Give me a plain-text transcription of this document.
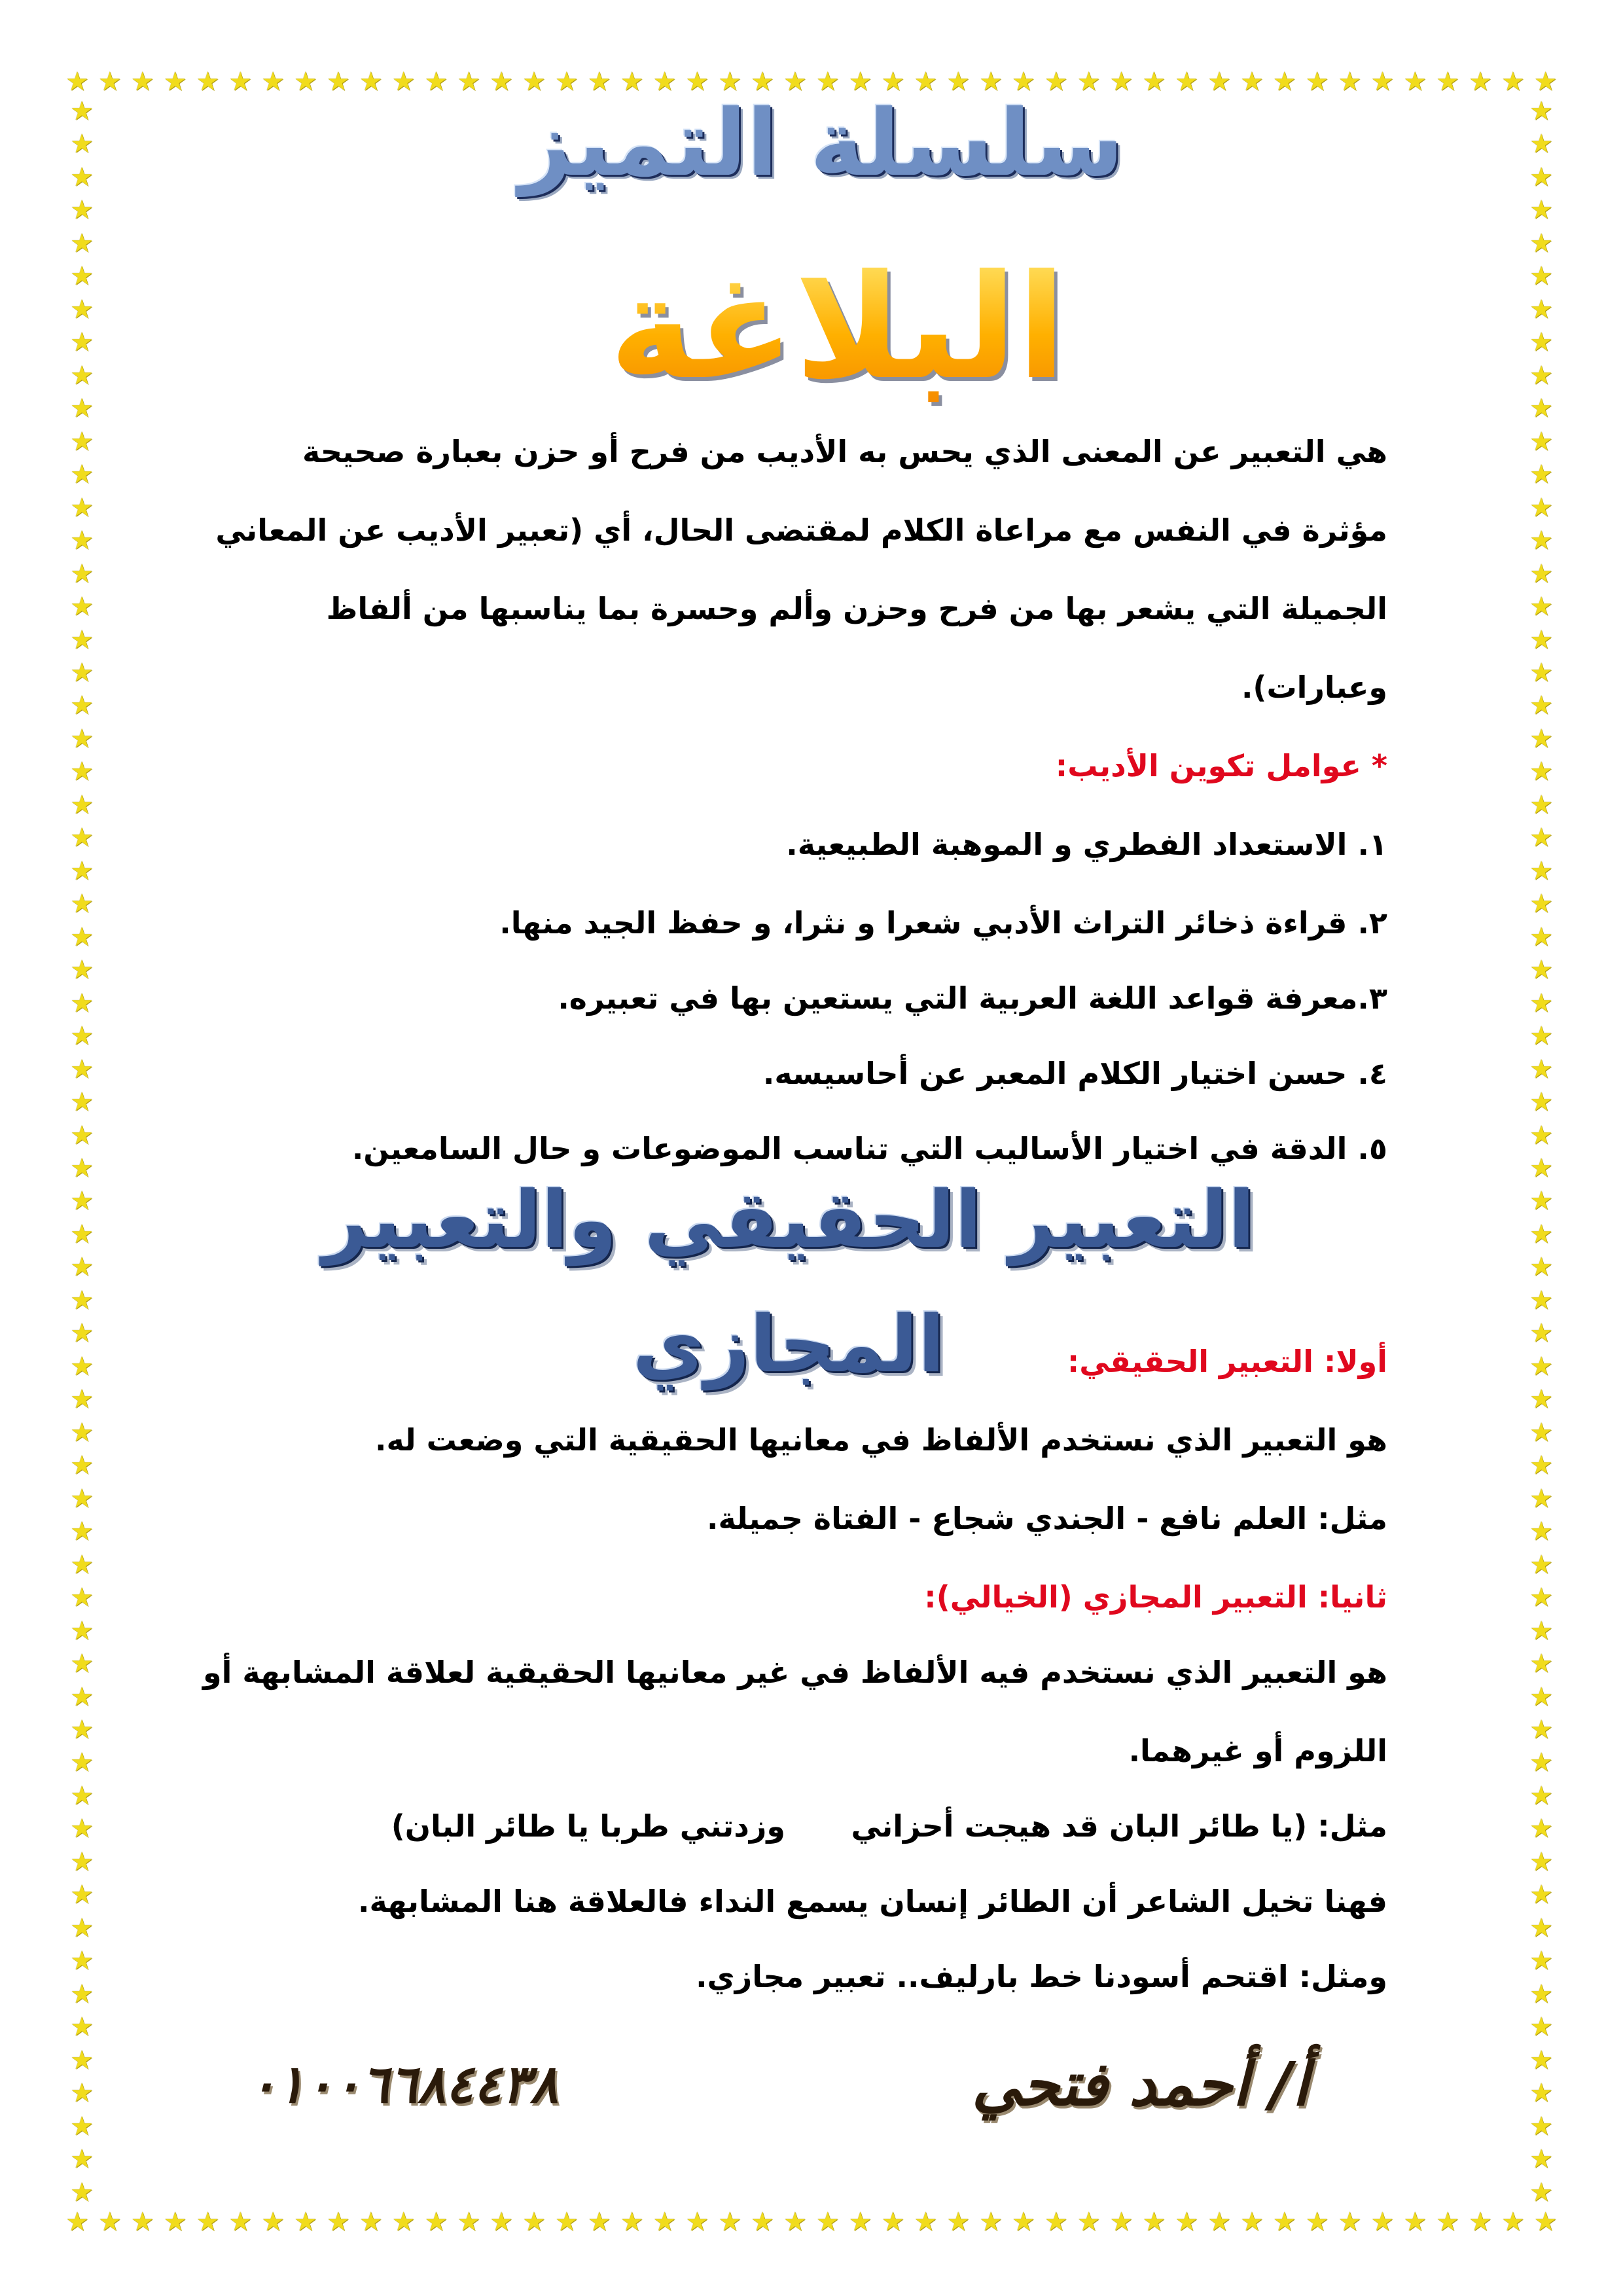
★ ★ ★ ★ ★ ★ ★ ★ ★ ★ ★ ★ ★ ★ ★ ★ ★ ★ ★ ★ ★ ★ ★ ★ ★ ★ ★ ★ ★ ★ ★ ★ ★ ★ ★ ★ ★ ★ ★ ★ ★ ★ ★ ★ ★ ★
★ ★ ★ ★ ★ ★ ★ ★ ★ ★ ★ ★ ★ ★ ★ ★ ★ ★ ★ ★ ★ ★ ★ ★ ★ ★ ★ ★ ★ ★ ★ ★ ★ ★ ★ ★ ★ ★ ★ ★ ★ ★ ★ ★ ★ ★
★
★
★
★
★
★
★
★
★
★
★
★
★
★
★
★
★
★
★
★
★
★
★
★
★
★
★
★
★
★
★
★
★
★
★
★
★
★
★
★
★
★
★
★
★
★
★
★
★
★
★
★
★
★
★
★
★
★
★
★
★
★
★
★
★
★
★
★
★
★
★
★
★
★
★
★
★
★
★
★
★
★
★
★
★
★
★
★
★
★
★
★
★
★
★
★
★
★
★
★
★
★
★
★
★
★
★
★
★
★
★
★
★
★
★
★
★
★
★
★
★
★
★
★
★
★
★
★
سلسلة التميز
البلاغة
هي التعبير عن المعنى الذي يحس به الأديب من فرح أو حزن بعبارة صحيحة
مؤثرة في النفس مع مراعاة الكلام لمقتضى الحال، أي (تعبير الأديب عن المعاني
الجميلة التي يشعر بها من فرح وحزن وألم وحسرة بما يناسبها من ألفاظ
وعبارات).
* عوامل تكوين الأديب:
١. الاستعداد الفطري و الموهبة الطبيعية.
٢. قراءة ذخائر التراث الأدبي شعرا و نثرا، و حفظ الجيد منها.
٣.معرفة قواعد اللغة العربية التي يستعين بها في تعبيره.
٤. حسن اختيار الكلام المعبر عن أحاسيسه.
٥. الدقة في اختيار الأساليب التي تناسب الموضوعات و حال السامعين.
التعبير الحقيقي والتعبير المجازي	أولا: التعبير الحقيقي:
هو التعبير الذي نستخدم الألفاظ في معانيها الحقيقية التي وضعت له.
مثل: العلم نافع - الجندي شجاع - الفتاة جميلة.
ثانيا: التعبير المجازي (الخيالي):
هو التعبير الذي نستخدم فيه الألفاظ في غير معانيها الحقيقية لعلاقة المشابهة أو
اللزوم أو غيرهما.
مثل: (يا طائر البان قد هيجت أحزاني
وزدتني طربا يا طائر البان)
فهنا تخيل الشاعر أن الطائر إنسان يسمع النداء فالعلاقة هنا المشابهة.
ومثل: اقتحم أسودنا خط بارليف.. تعبير مجازي.
أ/ أحمد فتحي
٠١٠٠٦٦٨٤٤٣٨
